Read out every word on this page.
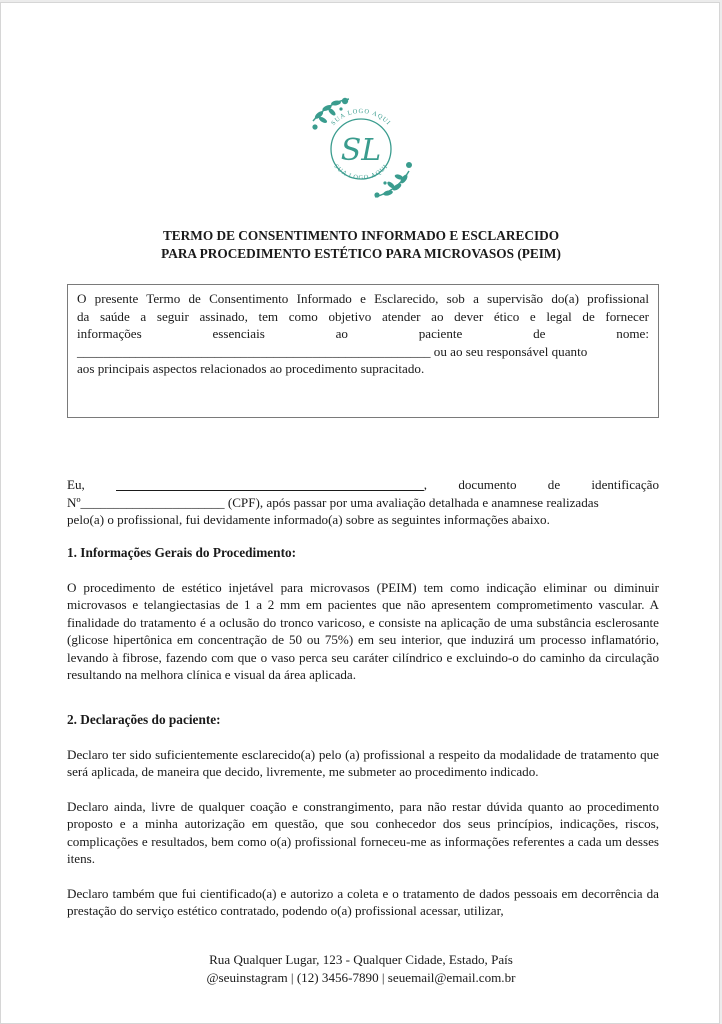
SUA LOGO AQUI
SUA LOGO AQUI
SL
TERMO DE CONSENTIMENTO INFORMADO E ESCLARECIDO
PARA PROCEDIMENTO ESTÉTICO PARA MICROVASOS (PEIM)
O presente Termo de Consentimento Informado e Esclarecido, sob a supervisão do(a) profissional
da saúde a seguir assinado, tem como objetivo atender ao dever ético e legal de fornecer
informações essenciais ao paciente de nome:
______________________________________________________ ou ao seu responsável quanto
aos principais aspectos relacionados ao procedimento supracitado.
Eu, _______________________________________________, documento de identificação
Nº______________________ (CPF), após passar por uma avaliação detalhada e anamnese realizadas
pelo(a) o profissional, fui devidamente informado(a) sobre as seguintes informações abaixo.

1. Informações Gerais do Procedimento:

O procedimento de estético injetável para microvasos (PEIM) tem como indicação eliminar ou diminuir microvasos e telangiectasias de 1 a 2 mm em pacientes que não apresentem comprometimento vascular. A finalidade do tratamento é a oclusão do tronco varicoso, e consiste na aplicação de uma substância esclerosante (glicose hipertônica em concentração de 50 ou 75%) em seu interior, que induzirá um processo inflamatório, levando à fibrose, fazendo com que o vaso perca seu caráter cilíndrico e excluindo-o do caminho da circulação resultando na melhora clínica e visual da área aplicada.

2. Declarações do paciente:

Declaro ter sido suficientemente esclarecido(a) pelo (a) profissional a respeito da modalidade de tratamento que será aplicada, de maneira que decido, livremente, me submeter ao procedimento indicado.

Declaro ainda, livre de qualquer coação e constrangimento, para não restar dúvida quanto ao procedimento proposto e a minha autorização em questão, que sou conhecedor dos seus princípios, indicações, riscos, complicações e resultados, bem como o(a) profissional forneceu-me as informações referentes a cada um desses itens.

Declaro também que fui cientificado(a) e autorizo a coleta e o tratamento de dados pessoais em decorrência da prestação do serviço estético contratado, podendo o(a) profissional acessar, utilizar,

Rua Qualquer Lugar, 123 - Qualquer Cidade, Estado, País
@seuinstagram | (12) 3456-7890 | seuemail@email.com.br
